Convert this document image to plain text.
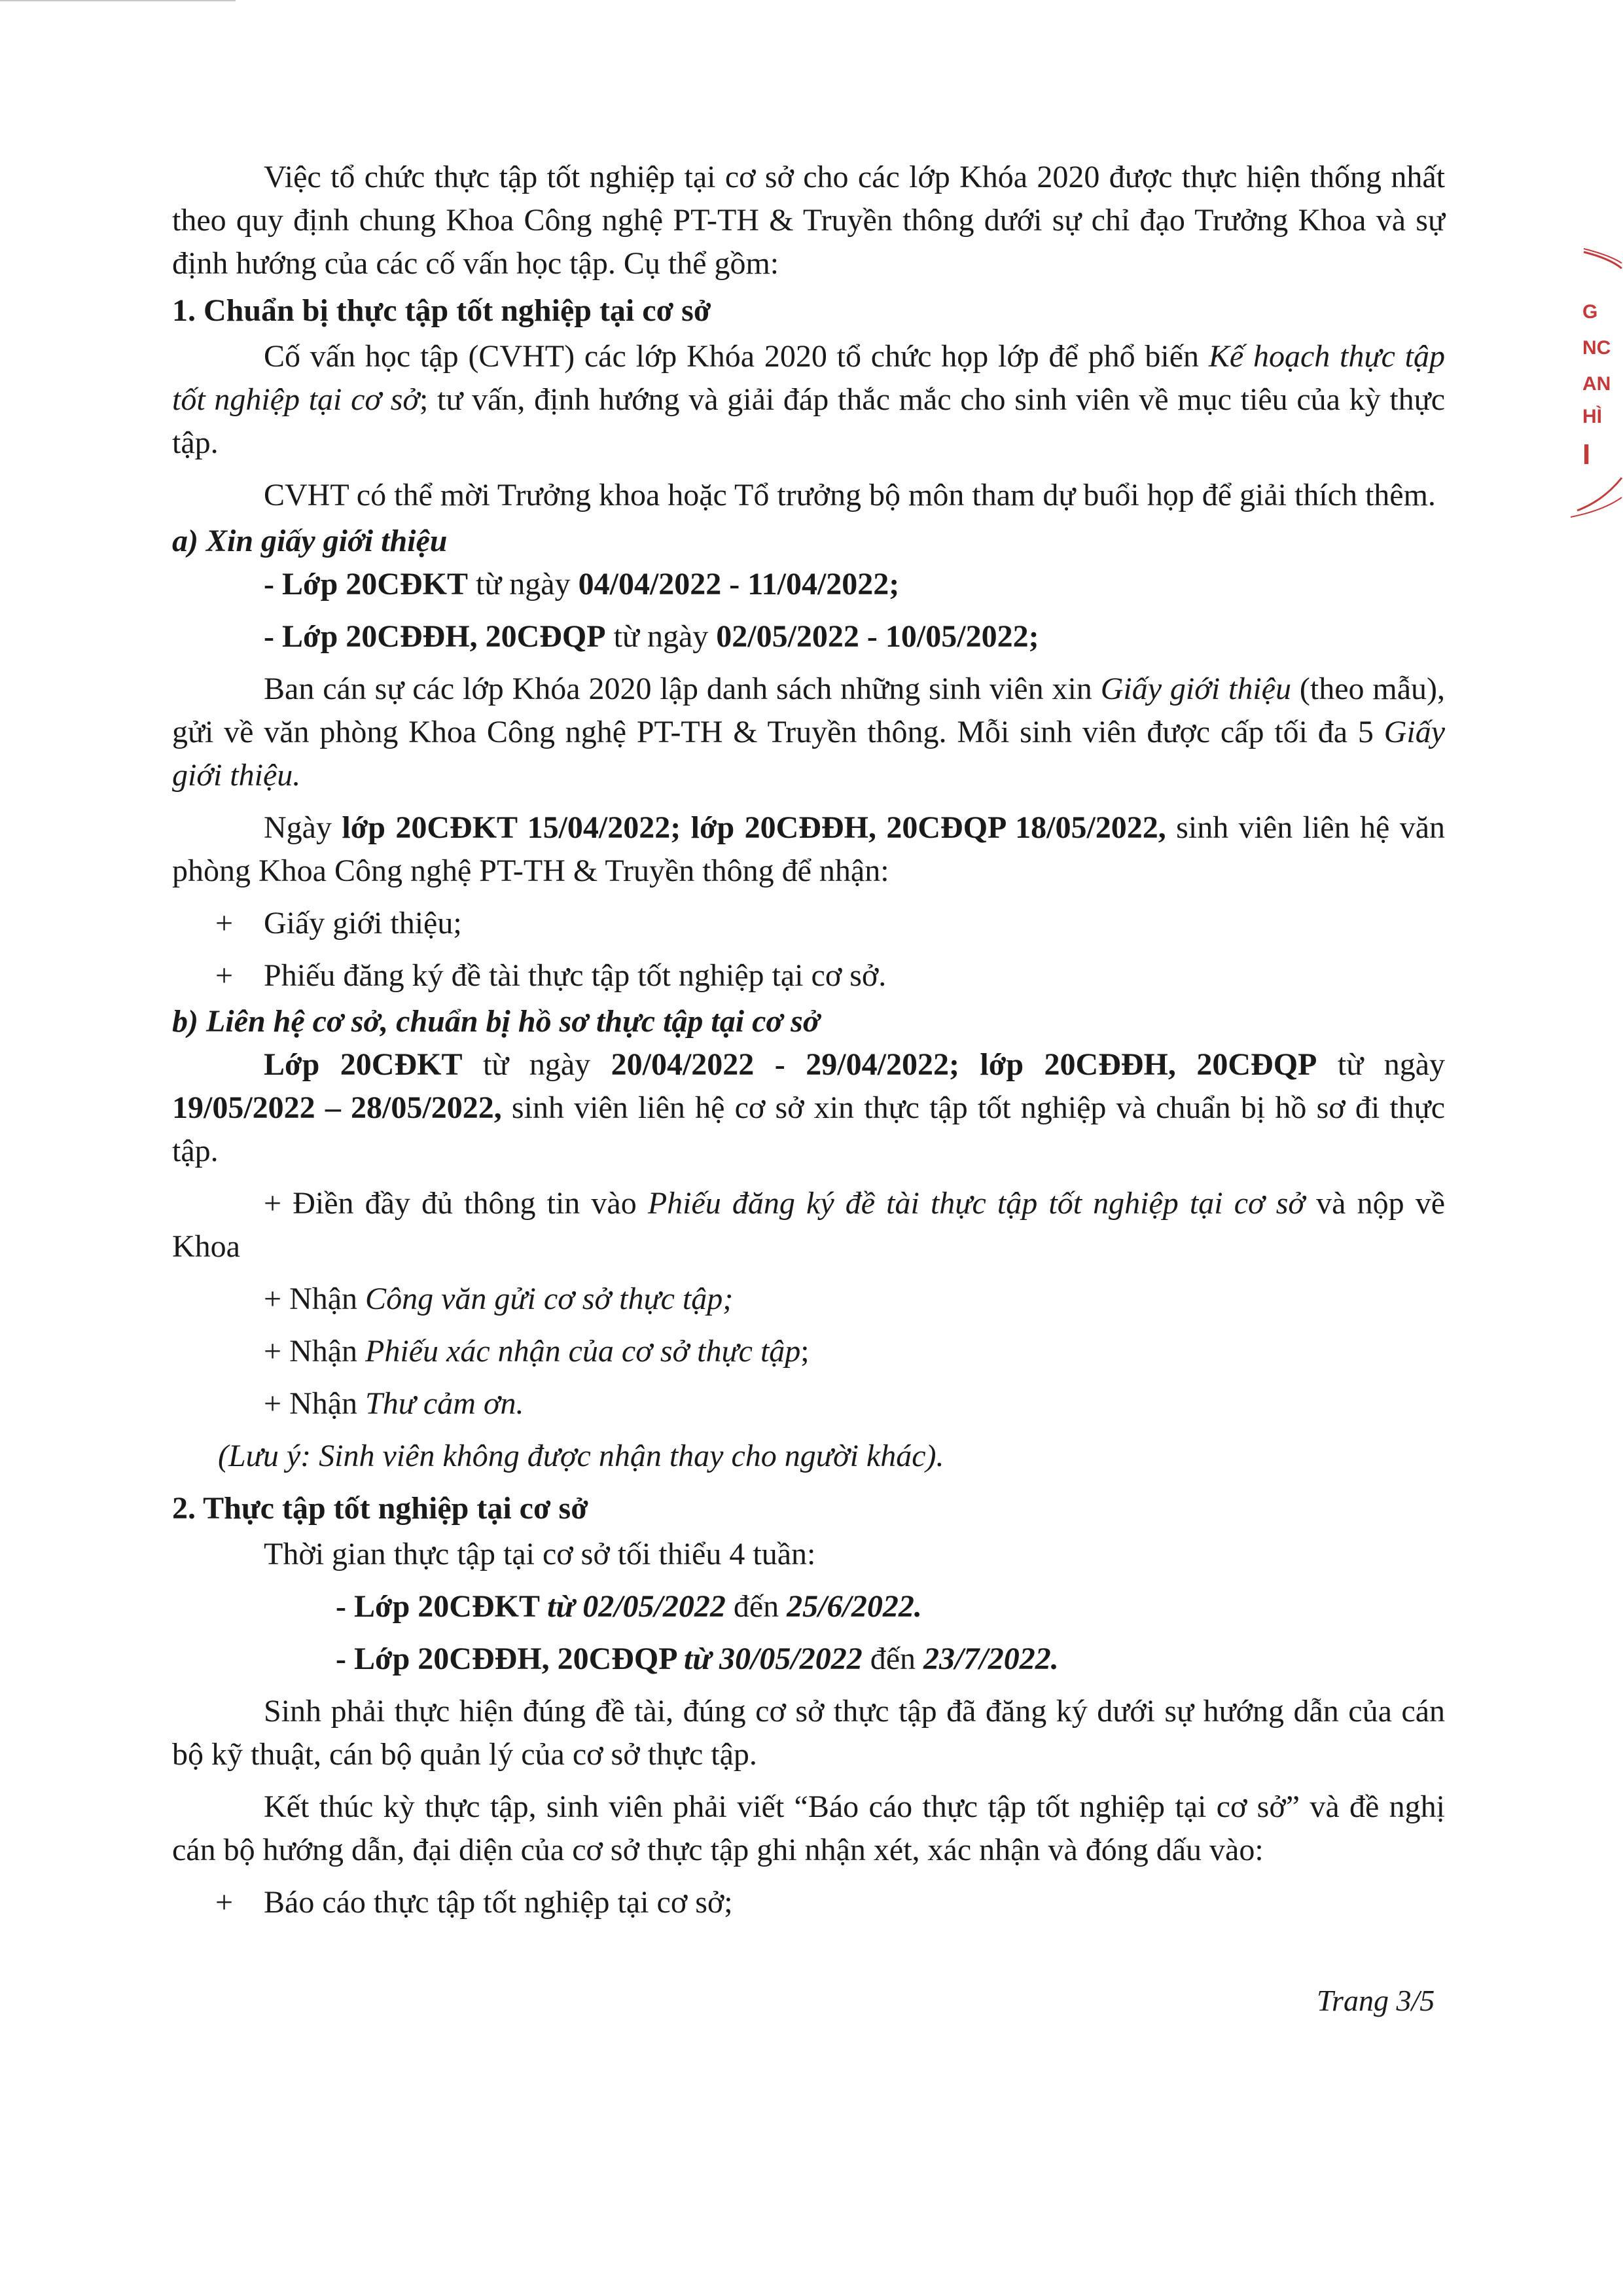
Việc tổ chức thực tập tốt nghiệp tại cơ sở cho các lớp Khóa 2020 được thực hiện thống nhất theo quy định chung Khoa Công nghệ PT-TH & Truyền thông dưới sự chỉ đạo Trưởng Khoa và sự định hướng của các cố vấn học tập. Cụ thể gồm:

1. Chuẩn bị thực tập tốt nghiệp tại cơ sở

Cố vấn học tập (CVHT) các lớp Khóa 2020 tổ chức họp lớp để phổ biến Kế hoạch thực tập tốt nghiệp tại cơ sở; tư vấn, định hướng và giải đáp thắc mắc cho sinh viên về mục tiêu của kỳ thực tập.

CVHT có thể mời Trưởng khoa hoặc Tổ trưởng bộ môn tham dự buổi họp để giải thích thêm.

a) Xin giấy giới thiệu

- Lớp 20CĐKT từ ngày 04/04/2022 - 11/04/2022;

- Lớp 20CĐĐH, 20CĐQP từ ngày 02/05/2022 - 10/05/2022;

Ban cán sự các lớp Khóa 2020 lập danh sách những sinh viên xin Giấy giới thiệu (theo mẫu), gửi về văn phòng Khoa Công nghệ PT-TH & Truyền thông. Mỗi sinh viên được cấp tối đa 5 Giấy giới thiệu.

Ngày lớp 20CĐKT 15/04/2022; lớp 20CĐĐH, 20CĐQP 18/05/2022, sinh viên liên hệ văn phòng Khoa Công nghệ PT-TH & Truyền thông để nhận:

+ Giấy giới thiệu;

+ Phiếu đăng ký đề tài thực tập tốt nghiệp tại cơ sở.

b) Liên hệ cơ sở, chuẩn bị hồ sơ thực tập tại cơ sở

Lớp 20CĐKT từ ngày 20/04/2022 - 29/04/2022; lớp 20CĐĐH, 20CĐQP từ ngày 19/05/2022 – 28/05/2022, sinh viên liên hệ cơ sở xin thực tập tốt nghiệp và chuẩn bị hồ sơ đi thực tập.

+ Điền đầy đủ thông tin vào Phiếu đăng ký đề tài thực tập tốt nghiệp tại cơ sở và nộp về Khoa

+ Nhận Công văn gửi cơ sở thực tập;

+ Nhận Phiếu xác nhận của cơ sở thực tập;

+ Nhận Thư cảm ơn.

(Lưu ý: Sinh viên không được nhận thay cho người khác).

2. Thực tập tốt nghiệp tại cơ sở

Thời gian thực tập tại cơ sở tối thiểu 4 tuần:

- Lớp 20CĐKT từ 02/05/2022 đến 25/6/2022.

- Lớp 20CĐĐH, 20CĐQP từ 30/05/2022 đến 23/7/2022.

Sinh phải thực hiện đúng đề tài, đúng cơ sở thực tập đã đăng ký dưới sự hướng dẫn của cán bộ kỹ thuật, cán bộ quản lý của cơ sở thực tập.

Kết thúc kỳ thực tập, sinh viên phải viết “Báo cáo thực tập tốt nghiệp tại cơ sở” và đề nghị cán bộ hướng dẫn, đại diện của cơ sở thực tập ghi nhận xét, xác nhận và đóng dấu vào:

+ Báo cáo thực tập tốt nghiệp tại cơ sở;

Trang 3/5
G
NC
AN
HÌ
I
